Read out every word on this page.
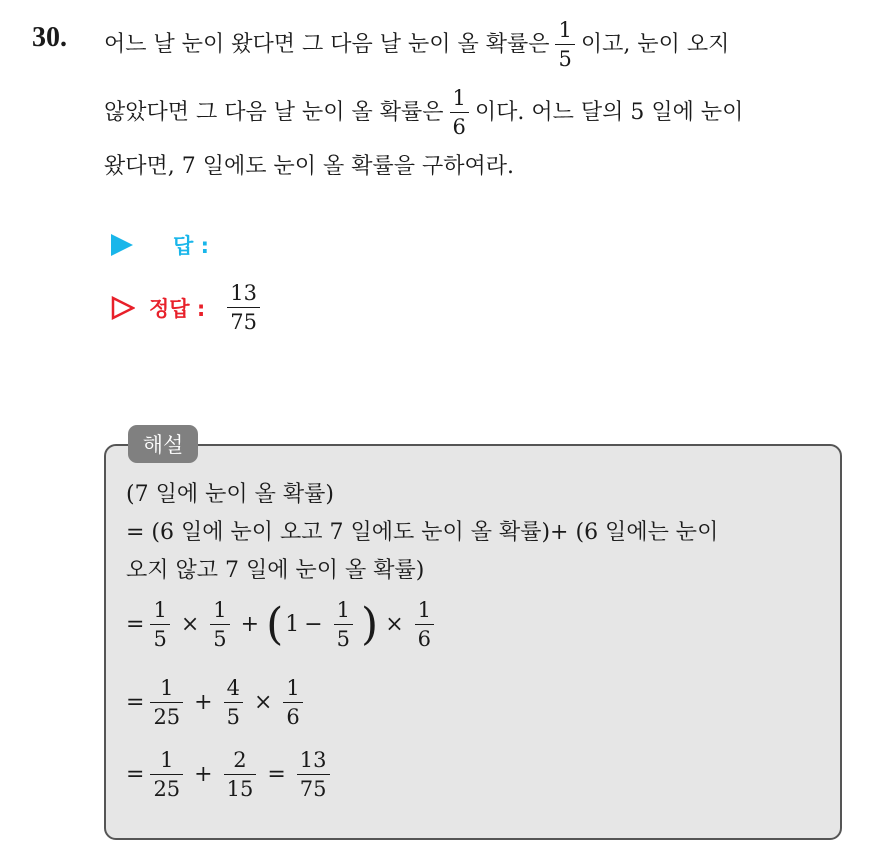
30. 어느 날 눈이 왔다면 그 다음 날 눈이 올 확률은 $\frac{1}{5}$ 이고, 눈이 오지
않았다면 그 다음 날 눈이 올 확률은 $\frac{1}{6}$ 이다. 어느 달의 5 일에 눈이
왔다면, 7 일에도 눈이 올 확률을 구하여라.
답 :
정답 : $\frac{13}{75}$
해설
(7 일에 눈이 올 확률)
= (6 일에 눈이 오고 7 일에도 눈이 올 확률)+ (6 일에는 눈이
오지 않고 7 일에 눈이 올 확률)
= $\frac{1}{5} \times \frac{1}{5}$ + ( $1 - \frac{1}{5}$ ) × $\frac{1}{6}$
= $\frac{1}{25} + \frac{4}{5} \times \frac{1}{6}$
= $\frac{1}{25} + \frac{2}{15} = \frac{13}{75}$
